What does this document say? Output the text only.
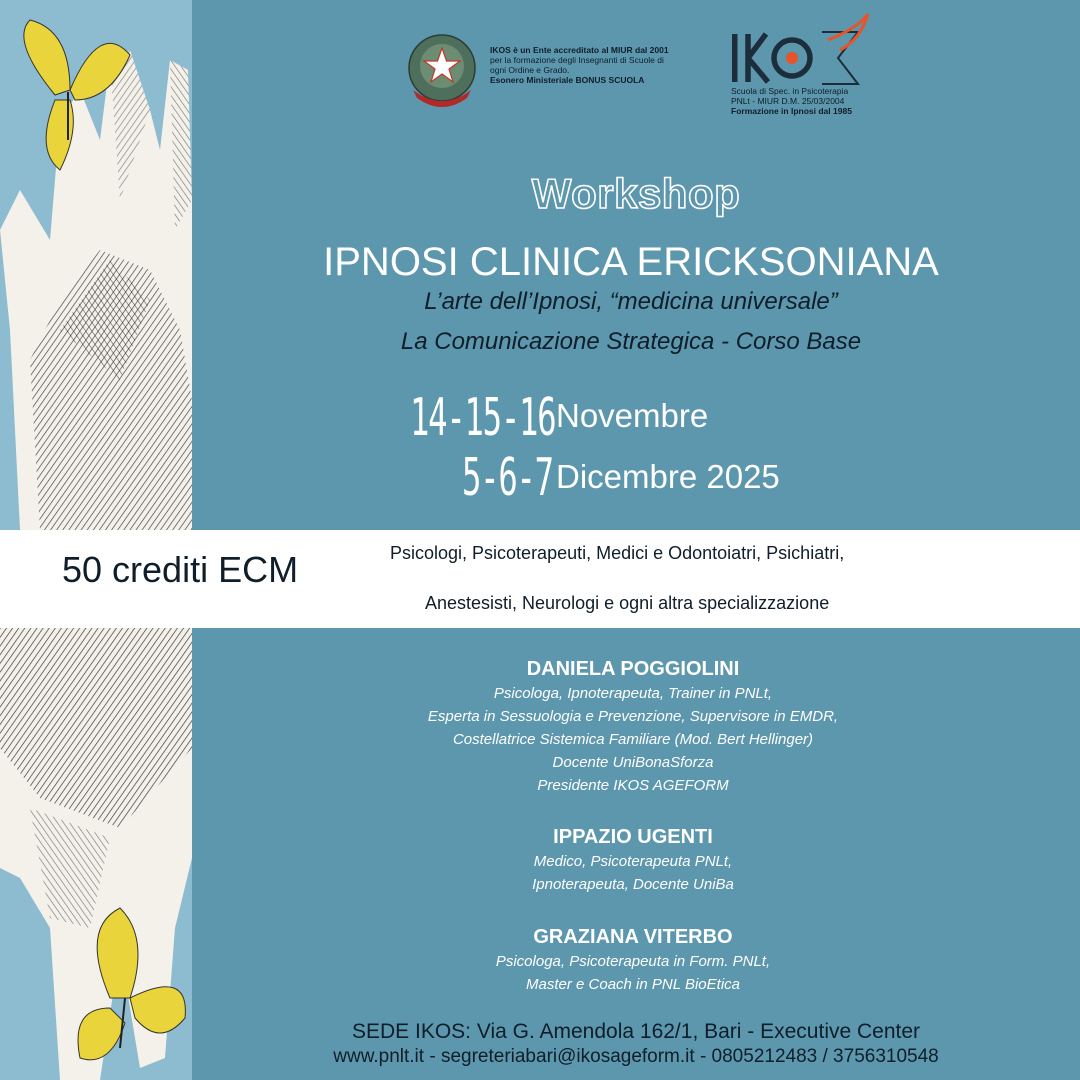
IKOS è un Ente accreditato al MIUR dal 2001
per la formazione degli Insegnanti di Scuole di
ogni Ordine e Grado.
Esonero Ministeriale BONUS SCUOLA
Scuola di Spec. in Psicoterapia
PNLt - MIUR D.M. 25/03/2004
Formazione in Ipnosi dal 1985
Workshop
IPNOSI CLINICA ERICKSONIANA
L’arte dell’Ipnosi, “medicina universale”
La Comunicazione Strategica - Corso Base
14-15-16 Novembre
5-6-7 Dicembre 2025
50 crediti ECM	Psicologi, Psicoterapeuti, Medici e Odontoiatri, Psichiatri,
Anestesisti, Neurologi e ogni altra specializzazione
DANIELA POGGIOLINI
Psicologa, Ipnoterapeuta, Trainer in PNLt,
Esperta in Sessuologia e Prevenzione, Supervisore in EMDR,
Costellatrice Sistemica Familiare (Mod. Bert Hellinger)
Docente UniBonaSforza
Presidente IKOS AGEFORM
IPPAZIO UGENTI
Medico, Psicoterapeuta PNLt,
Ipnoterapeuta, Docente UniBa
GRAZIANA VITERBO
Psicologa, Psicoterapeuta in Form. PNLt,
Master e Coach in PNL BioEtica
SEDE IKOS: Via G. Amendola 162/1, Bari - Executive Center
www.pnlt.it - segreteriabari@ikosageform.it - 0805212483 / 3756310548
